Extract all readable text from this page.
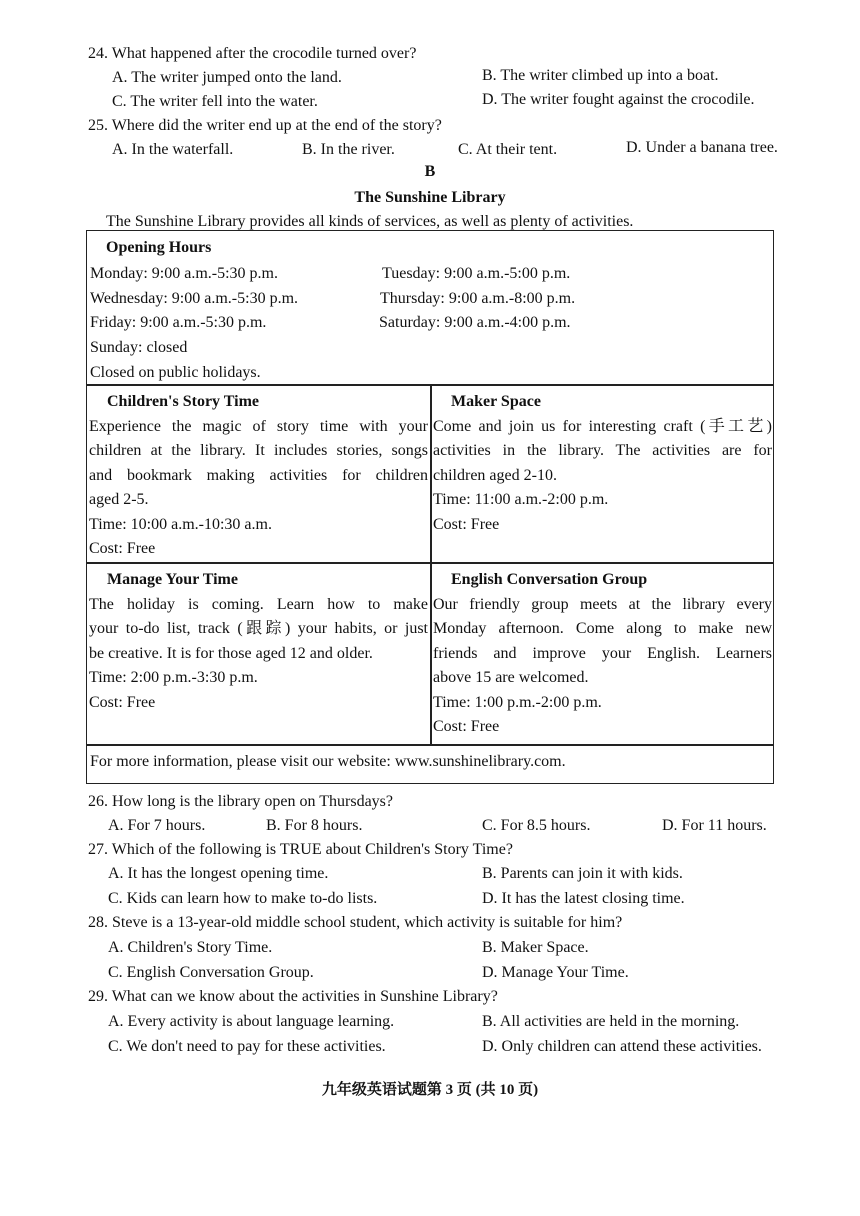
24. What happened after the crocodile turned over?
A. The writer jumped onto the land.	B. The writer climbed up into a boat.
C. The writer fell into the water.	D. The writer fought against the crocodile.
25. Where did the writer end up at the end of the story?
A. In the waterfall.	B. In the river.	C. At their tent.	D. Under a banana tree.
B
The Sunshine Library
The Sunshine Library provides all kinds of services, as well as plenty of activities.

Opening Hours

Monday: 9:00 a.m.-5:30 p.m.	Tuesday: 9:00 a.m.-5:00 p.m.
Wednesday: 9:00 a.m.-5:30 p.m.	Thursday: 9:00 a.m.-8:00 p.m.
Friday: 9:00 a.m.-5:30 p.m.	Saturday: 9:00 a.m.-4:00 p.m.
Sunday: closed
Closed on public holidays.

Children's Story Time

Experience the magic of story time with your

children at the library. It includes stories, songs

and bookmark making activities for children

aged 2-5.

Time: 10:00 a.m.-10:30 a.m.

Cost: Free

Maker Space

Come and join us for interesting craft (手工艺)

activities in the library. The activities are for

children aged 2-10.

Time: 11:00 a.m.-2:00 p.m.

Cost: Free

Manage Your Time

The holiday is coming. Learn how to make

your to-do list, track (跟踪) your habits, or just

be creative. It is for those aged 12 and older.

Time: 2:00 p.m.-3:30 p.m.

Cost: Free

English Conversation Group

Our friendly group meets at the library every

Monday afternoon. Come along to make new

friends and improve your English. Learners

above 15 are welcomed.

Time: 1:00 p.m.-2:00 p.m.

Cost: Free

For more information, please visit our website: www.sunshinelibrary.com.
26. How long is the library open on Thursdays?
A. For 7 hours.	B. For 8 hours.	C. For 8.5 hours.	D. For 11 hours.
27. Which of the following is TRUE about Children's Story Time?
A. It has the longest opening time.	B. Parents can join it with kids.
C. Kids can learn how to make to-do lists.	D. It has the latest closing time.
28. Steve is a 13-year-old middle school student, which activity is suitable for him?
A. Children's Story Time.	B. Maker Space.
C. English Conversation Group.	D. Manage Your Time.
29. What can we know about the activities in Sunshine Library?
A. Every activity is about language learning.	B. All activities are held in the morning.
C. We don't need to pay for these activities.	D. Only children can attend these activities.
九年级英语试题第 3 页 (共 10 页)
